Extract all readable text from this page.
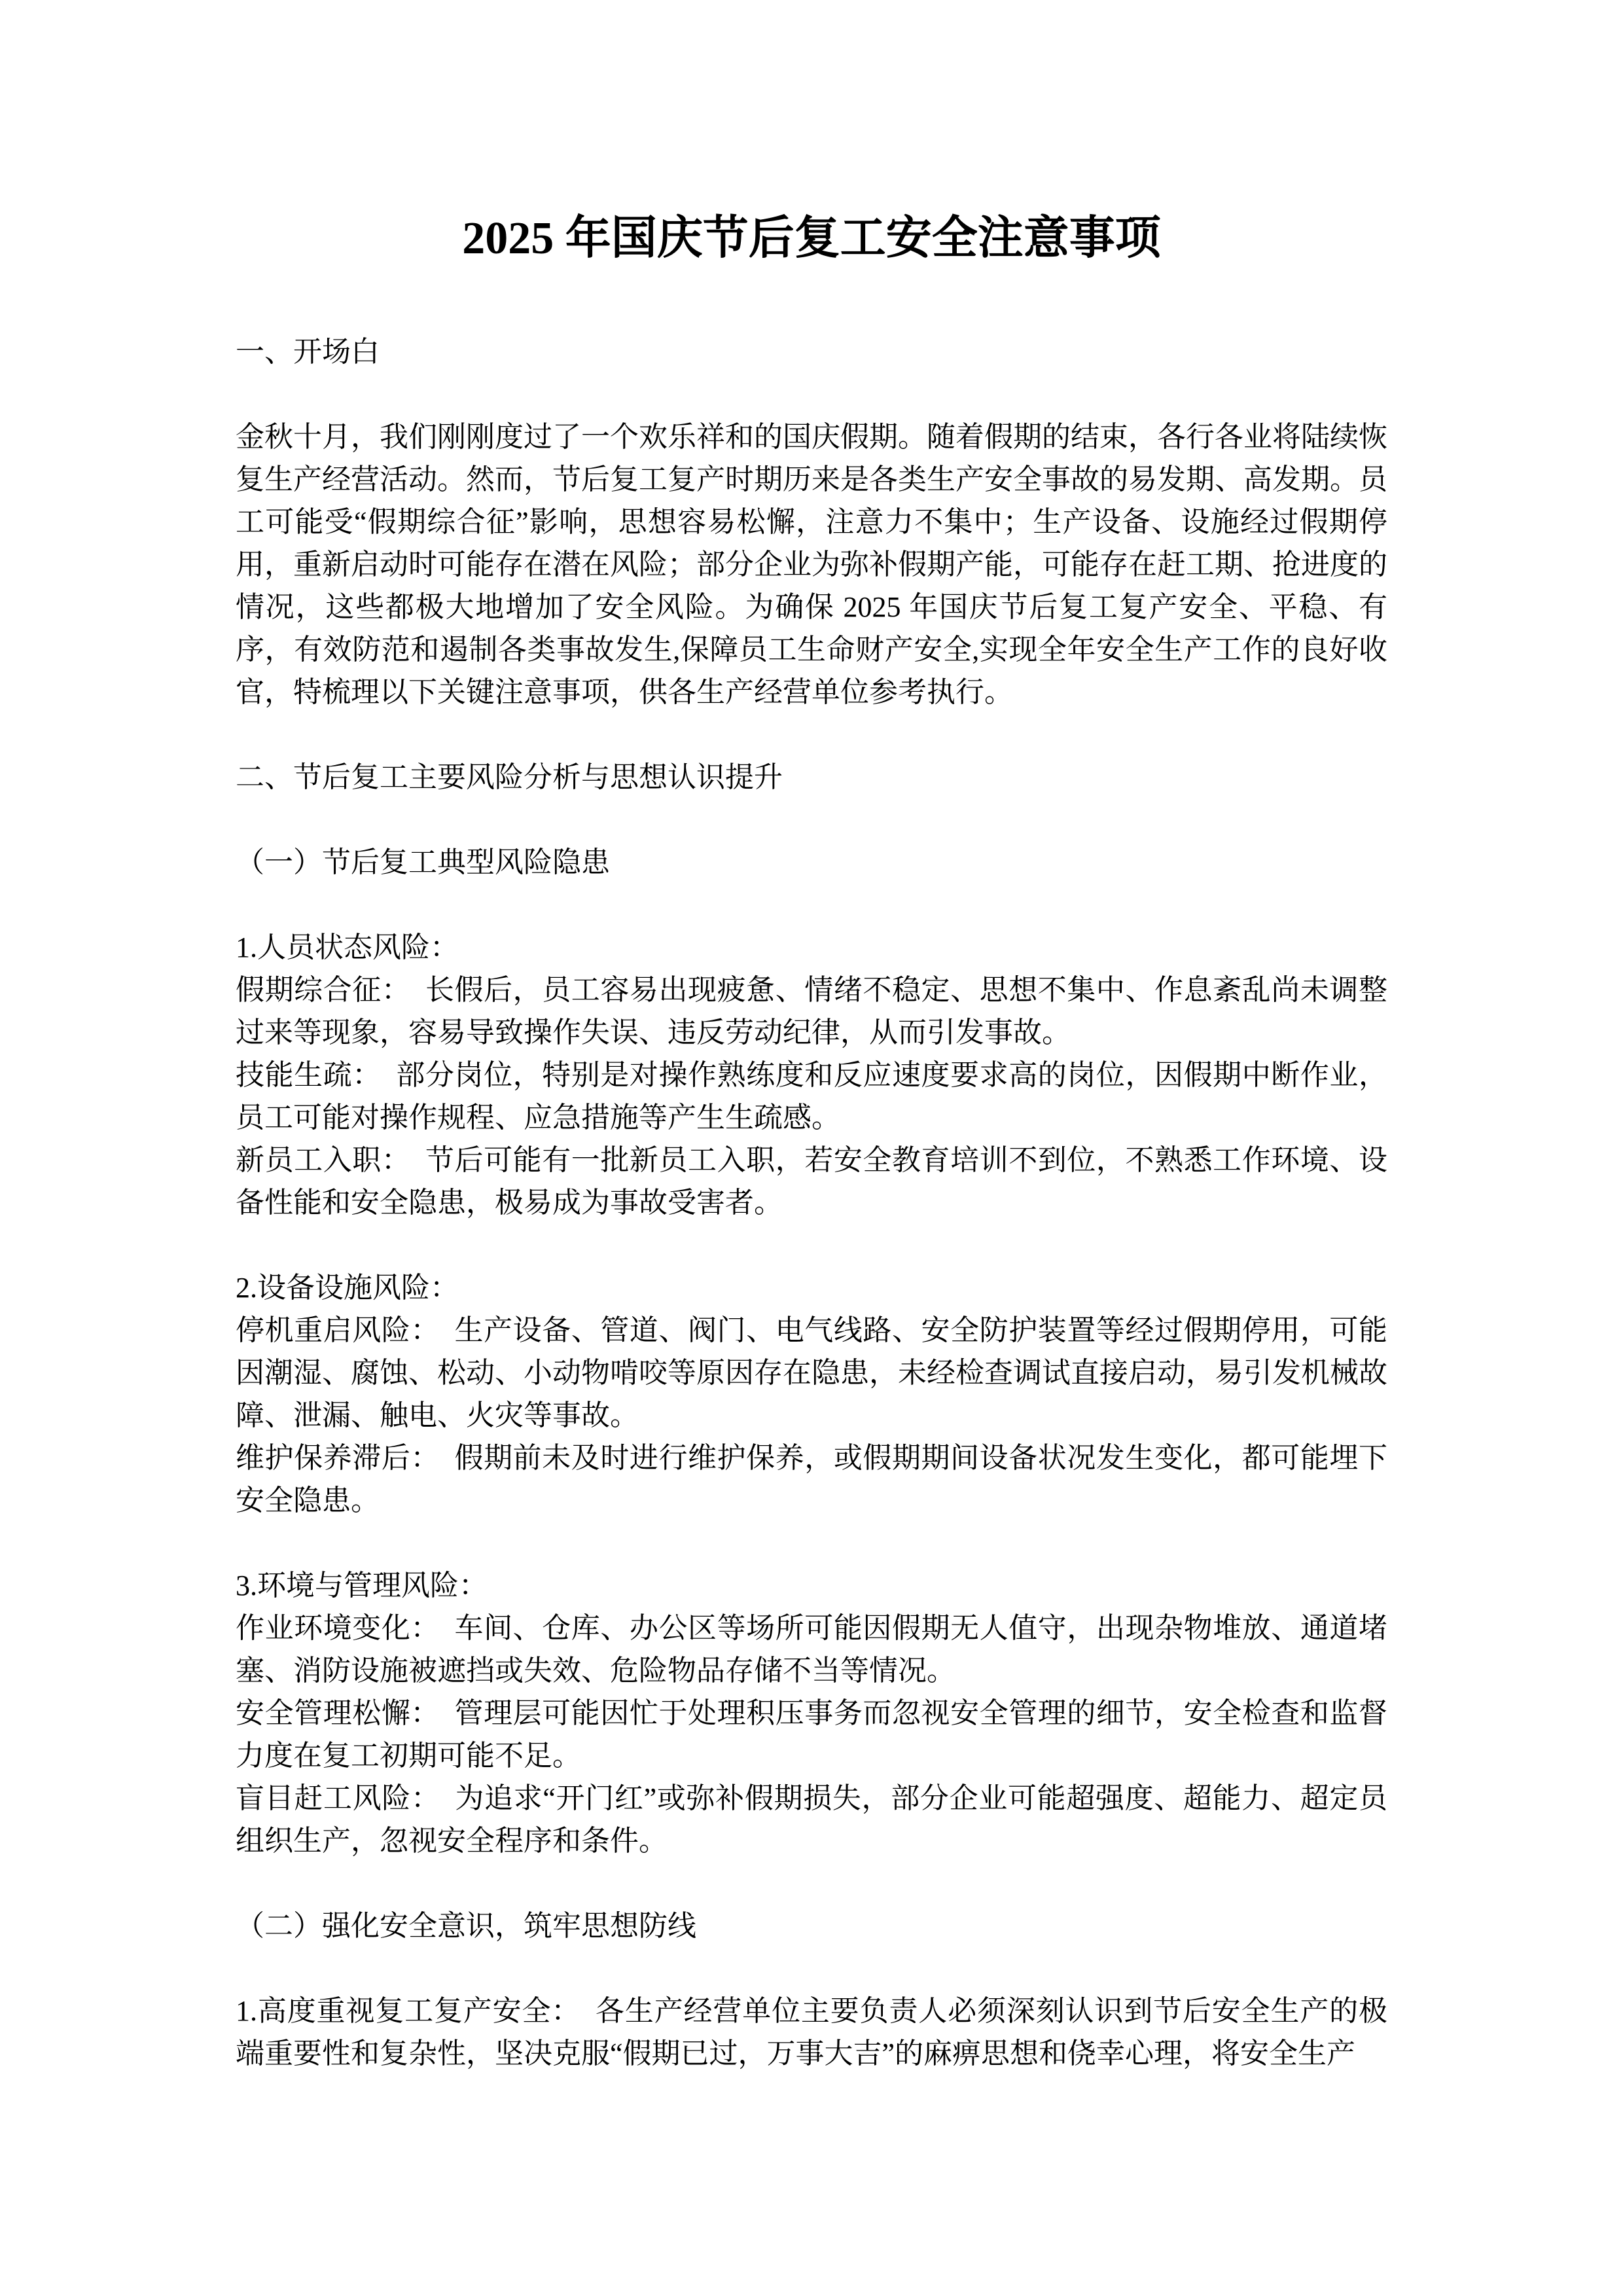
2025 年国庆节后复工安全注意事项

一、开场白

金秋十月，我们刚刚度过了一个欢乐祥和的国庆假期。随着假期的结束，各行各业将陆续恢复生产经营活动。然而，节后复工复产时期历来是各类生产安全事故的易发期、高发期。员工可能受“假期综合征”影响，思想容易松懈，注意力不集中；生产设备、设施经过假期停用，重新启动时可能存在潜在风险；部分企业为弥补假期产能，可能存在赶工期、抢进度的情况，这些都极大地增加了安全风险。为确保 2025 年国庆节后复工复产安全、平稳、有序，有效防范和遏制各类事故发生,保障员工生命财产安全,实现全年安全生产工作的良好收官，特梳理以下关键注意事项，供各生产经营单位参考执行。

二、节后复工主要风险分析与思想认识提升

（一）节后复工典型风险隐患

1.人员状态风险：

假期综合征：　长假后，员工容易出现疲惫、情绪不稳定、思想不集中、作息紊乱尚未调整过来等现象，容易导致操作失误、违反劳动纪律，从而引发事故。

技能生疏：　部分岗位，特别是对操作熟练度和反应速度要求高的岗位，因假期中断作业，员工可能对操作规程、应急措施等产生生疏感。

新员工入职：　节后可能有一批新员工入职，若安全教育培训不到位，不熟悉工作环境、设备性能和安全隐患，极易成为事故受害者。

2.设备设施风险：

停机重启风险：　生产设备、管道、阀门、电气线路、安全防护装置等经过假期停用，可能因潮湿、腐蚀、松动、小动物啃咬等原因存在隐患，未经检查调试直接启动，易引发机械故障、泄漏、触电、火灾等事故。

维护保养滞后：　假期前未及时进行维护保养，或假期期间设备状况发生变化，都可能埋下安全隐患。

3.环境与管理风险：

作业环境变化：　车间、仓库、办公区等场所可能因假期无人值守，出现杂物堆放、通道堵塞、消防设施被遮挡或失效、危险物品存储不当等情况。

安全管理松懈：　管理层可能因忙于处理积压事务而忽视安全管理的细节，安全检查和监督力度在复工初期可能不足。

盲目赶工风险：　为追求“开门红”或弥补假期损失，部分企业可能超强度、超能力、超定员组织生产，忽视安全程序和条件。

（二）强化安全意识，筑牢思想防线

1.高度重视复工复产安全：　各生产经营单位主要负责人必须深刻认识到节后安全生产的极端重要性和复杂性，坚决克服“假期已过，万事大吉”的麻痹思想和侥幸心理，将安全生产
